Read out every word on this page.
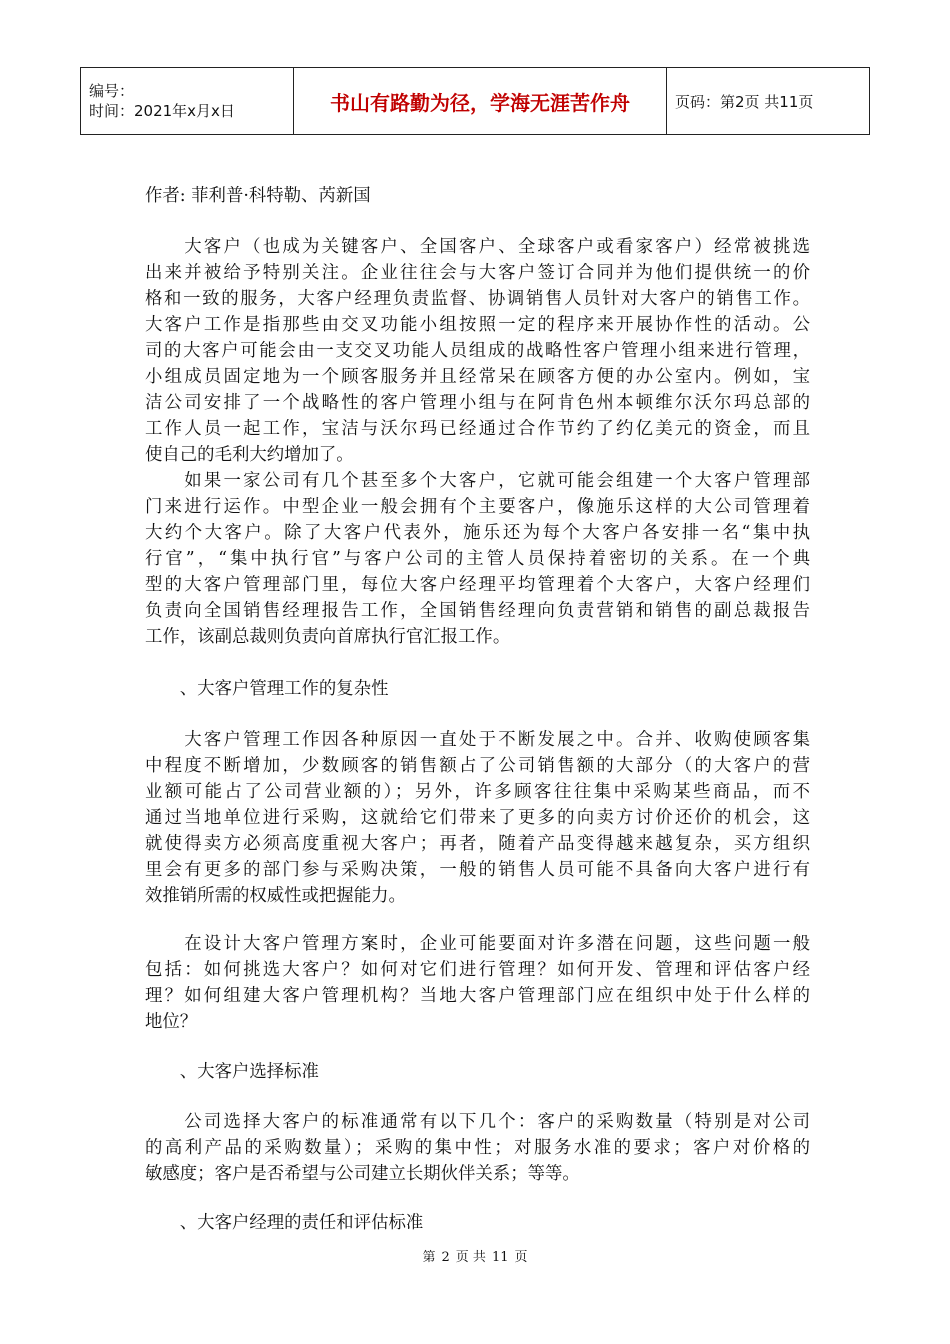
编号：
时间：2021年x月x日	书山有路勤为径，学海无涯苦作舟	页码：第2页 共11页
作者: 菲利普·科特勒、芮新国
　　大客户（也成为关键客户、全国客户、全球客户或看家客户）经常被挑选
出来并被给予特别关注。企业往往会与大客户签订合同并为他们提供统一的价
格和一致的服务，大客户经理负责监督、协调销售人员针对大客户的销售工作。
大客户工作是指那些由交叉功能小组按照一定的程序来开展协作性的活动。公
司的大客户可能会由一支交叉功能人员组成的战略性客户管理小组来进行管理，
小组成员固定地为一个顾客服务并且经常呆在顾客方便的办公室内。例如，宝
洁公司安排了一个战略性的客户管理小组与在阿肯色州本顿维尔沃尔玛总部的
工作人员一起工作，宝洁与沃尔玛已经通过合作节约了约亿美元的资金，而且
使自己的毛利大约增加了。
　　如果一家公司有几个甚至多个大客户，它就可能会组建一个大客户管理部
门来进行运作。中型企业一般会拥有个主要客户，像施乐这样的大公司管理着
大约个大客户。除了大客户代表外，施乐还为每个大客户各安排一名“集中执
行官”，“集中执行官”与客户公司的主管人员保持着密切的关系。在一个典
型的大客户管理部门里，每位大客户经理平均管理着个大客户，大客户经理们
负责向全国销售经理报告工作，全国销售经理向负责营销和销售的副总裁报告
工作，该副总裁则负责向首席执行官汇报工作。
　　、大客户管理工作的复杂性
　　大客户管理工作因各种原因一直处于不断发展之中。合并、收购使顾客集
中程度不断增加，少数顾客的销售额占了公司销售额的大部分（的大客户的营
业额可能占了公司营业额的）；另外，许多顾客往往集中采购某些商品，而不
通过当地单位进行采购，这就给它们带来了更多的向卖方讨价还价的机会，这
就使得卖方必须高度重视大客户；再者，随着产品变得越来越复杂，买方组织
里会有更多的部门参与采购决策，一般的销售人员可能不具备向大客户进行有
效推销所需的权威性或把握能力。
　　在设计大客户管理方案时，企业可能要面对许多潜在问题，这些问题一般
包括：如何挑选大客户？如何对它们进行管理？如何开发、管理和评估客户经
理？如何组建大客户管理机构？当地大客户管理部门应在组织中处于什么样的
地位？
　　、大客户选择标准
　　公司选择大客户的标准通常有以下几个：客户的采购数量（特别是对公司
的高利产品的采购数量）；采购的集中性；对服务水准的要求；客户对价格的
敏感度；客户是否希望与公司建立长期伙伴关系；等等。
　　、大客户经理的责任和评估标准
第 2 页 共 11 页
